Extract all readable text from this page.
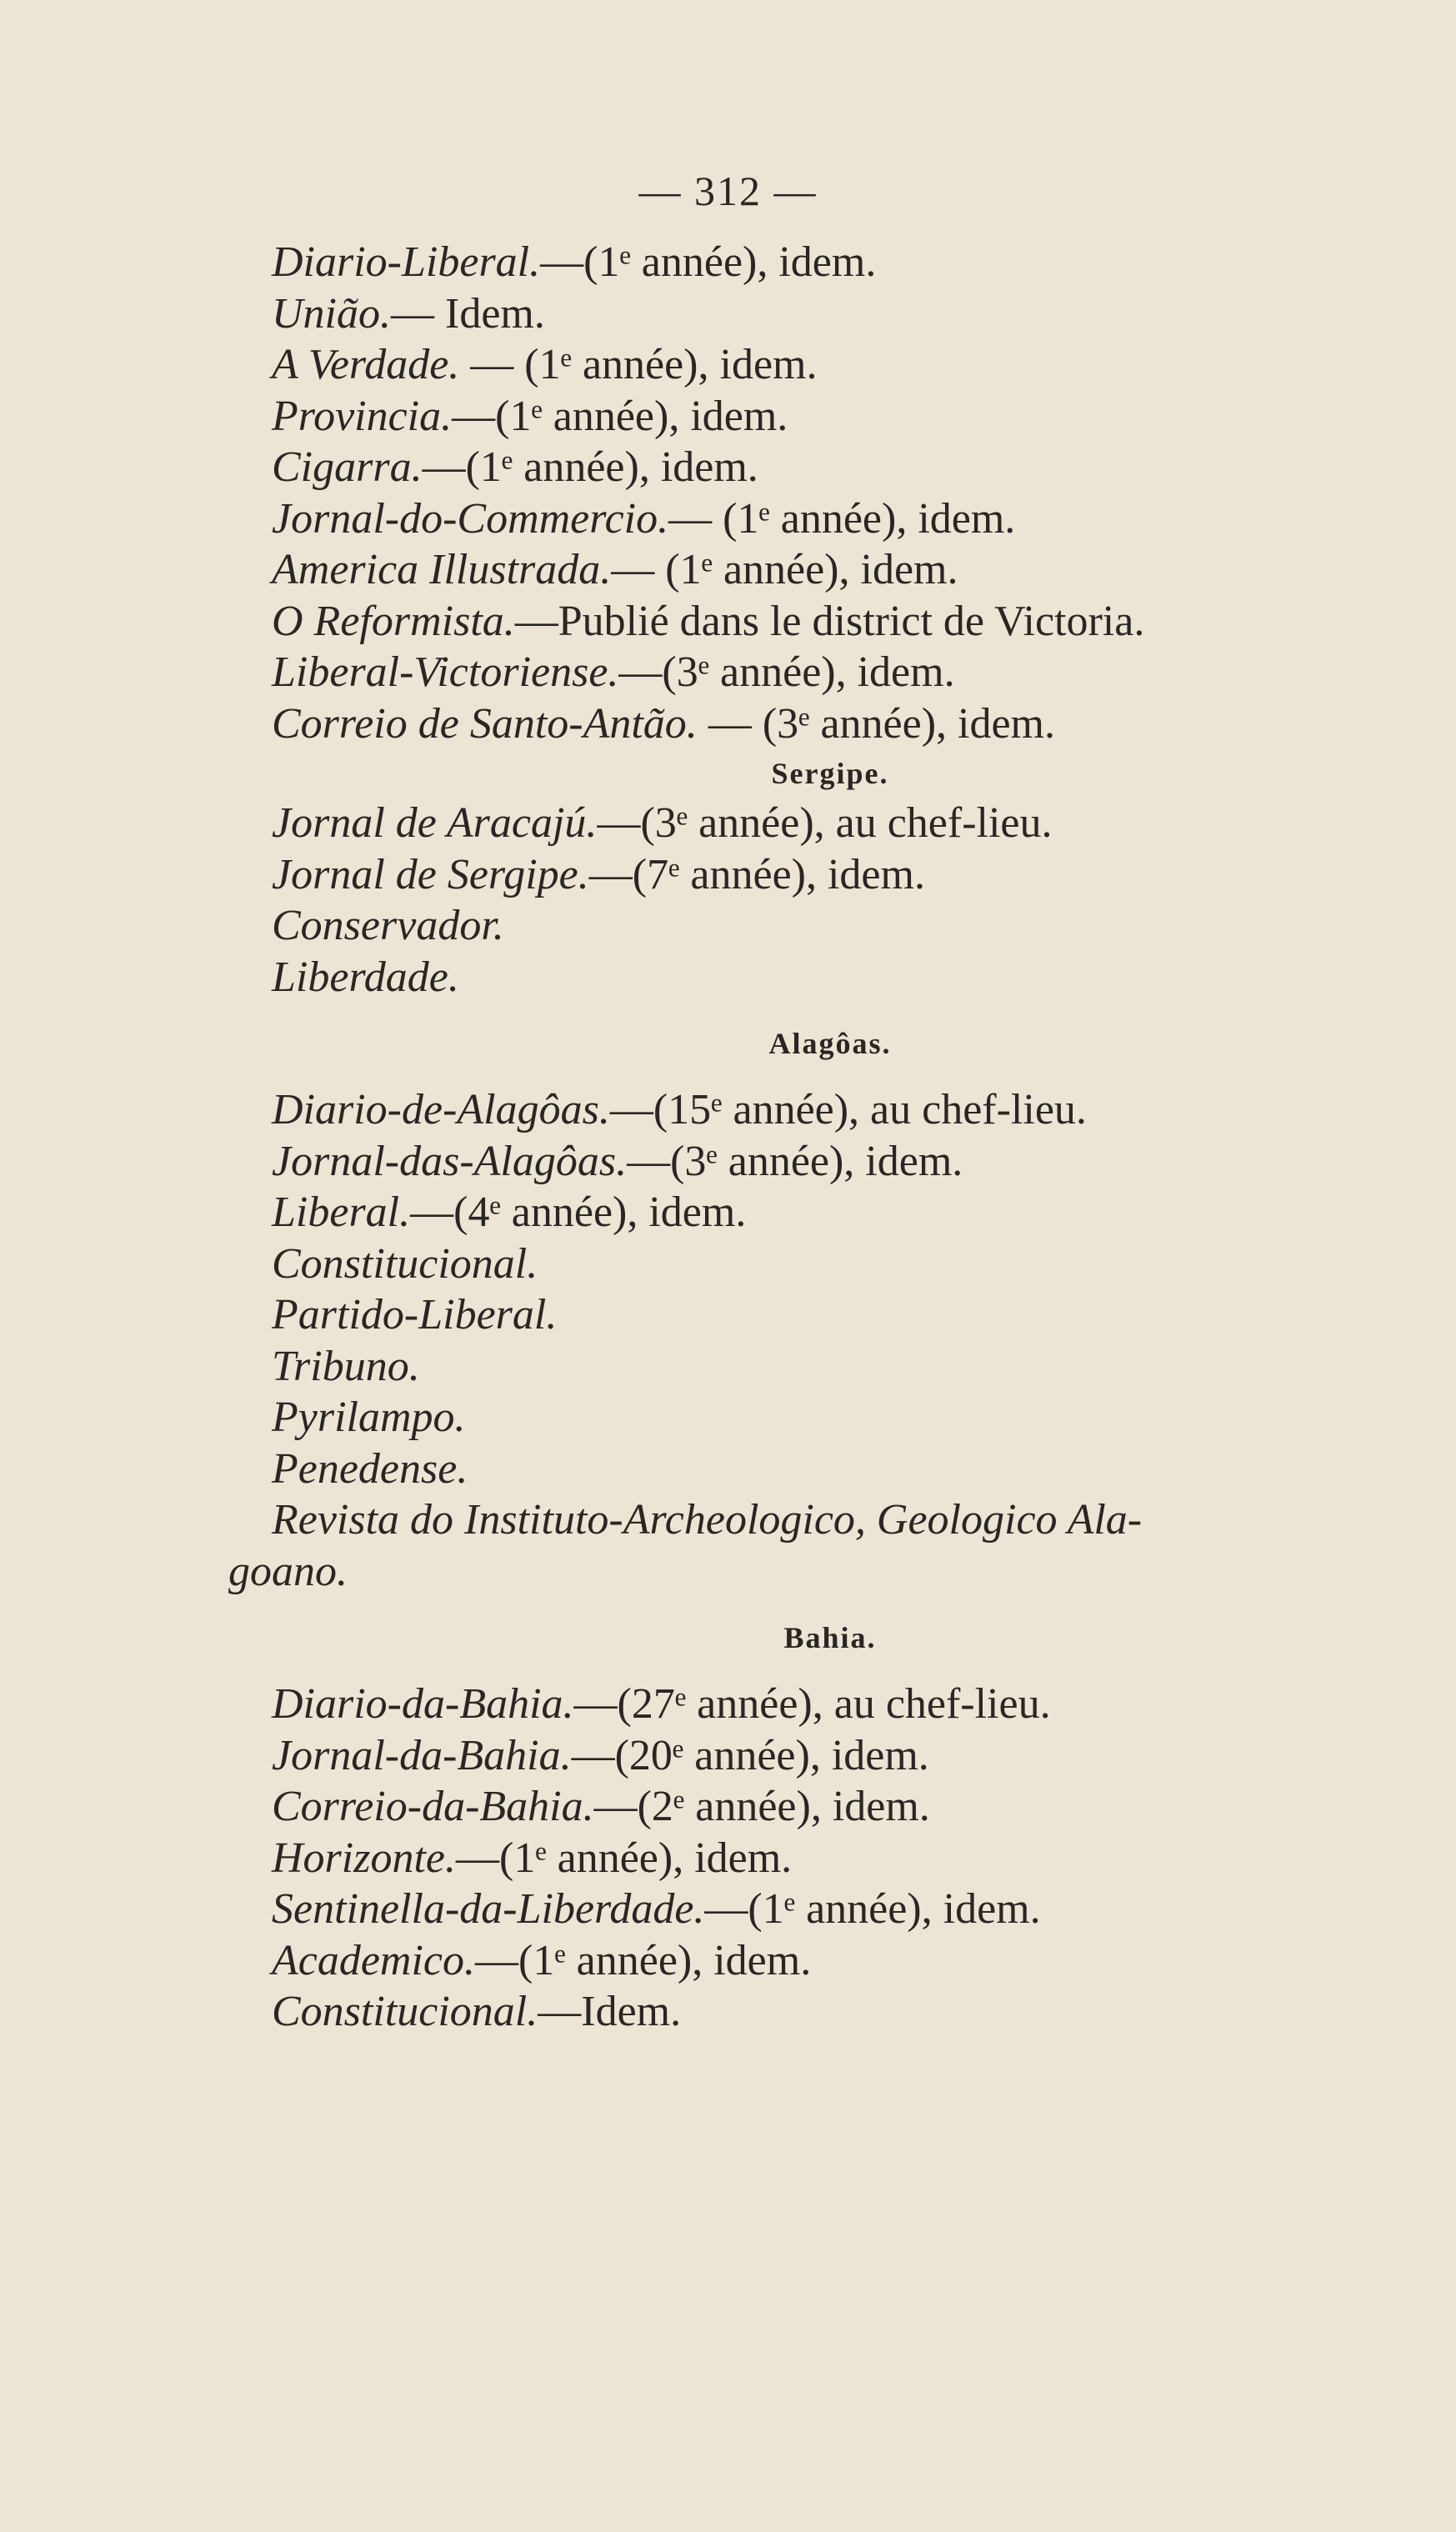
— 312 —
Diario-Liberal.—(1ᵉ année), idem.
União.— Idem.
A Verdade. — (1ᵉ année), idem.
Provincia.—(1ᵉ année), idem.
Cigarra.—(1ᵉ année), idem.
Jornal-do-Commercio.— (1ᵉ année), idem.
America Illustrada.— (1ᵉ année), idem.
O Reformista.—Publié dans le district de Victoria.
Liberal-Victoriense.—(3ᵉ année), idem.
Correio de Santo-Antão. — (3ᵉ année), idem.
Sergipe.
Jornal de Aracajú.—(3ᵉ année), au chef-lieu.
Jornal de Sergipe.—(7ᵉ année), idem.
Conservador.
Liberdade.
Alagôas.
Diario-de-Alagôas.—(15ᵉ année), au chef-lieu.
Jornal-das-Alagôas.—(3ᵉ année), idem.
Liberal.—(4ᵉ année), idem.
Constitucional.
Partido-Liberal.
Tribuno.
Pyrilampo.
Penedense.
Revista do Instituto-Archeologico, Geologico Ala-
goano.
Bahia.
Diario-da-Bahia.—(27ᵉ année), au chef-lieu.
Jornal-da-Bahia.—(20ᵉ année), idem.
Correio-da-Bahia.—(2ᵉ année), idem.
Horizonte.—(1ᵉ année), idem.
Sentinella-da-Liberdade.—(1ᵉ année), idem.
Academico.—(1ᵉ année), idem.
Constitucional.—Idem.
